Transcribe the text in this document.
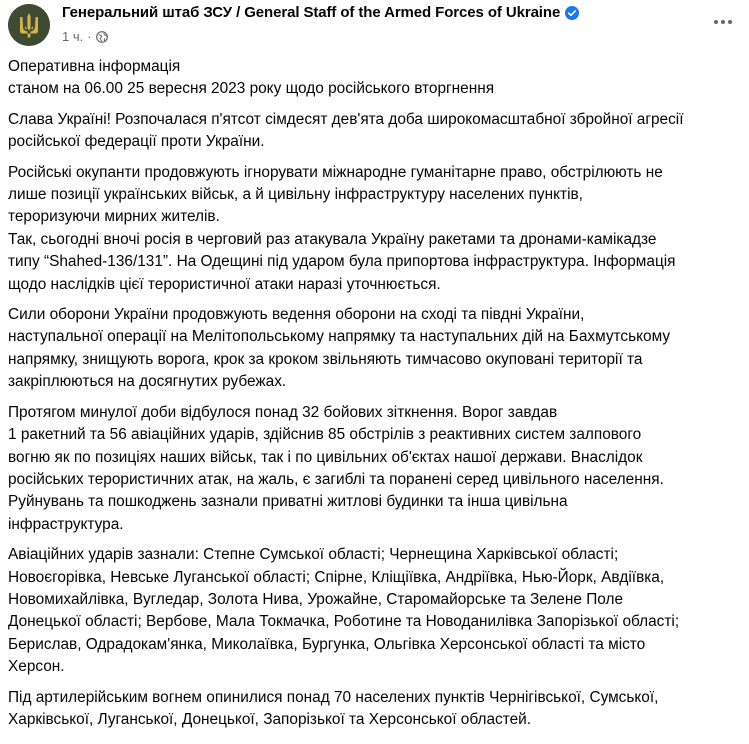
Генеральний штаб ЗСУ / General Staff of the Armed Forces of Ukraine
1 ч. ·
Оперативна інформація
станом на 06.00 25 вересня 2023 року щодо російського вторгнення
Слава Україні! Розпочалася п'ятсот сімдесят дев'ята доба широкомасштабної збройної агресії
російської федерації проти України.
Російські окупанти продовжують ігнорувати міжнародне гуманітарне право, обстрілюють не
лише позиції українських військ, а й цивільну інфраструктуру населених пунктів,
тероризуючи мирних жителів.
Так, сьогодні вночі росія в черговий раз атакувала Україну ракетами та дронами-камікадзе
типу “Shahed-136/131”. На Одещині під ударом була припортова інфраструктура. Інформація
щодо наслідків цієї терористичної атаки наразі уточнюється.
Сили оборони України продовжують ведення оборони на сході та півдні України,
наступальної операції на Мелітопольському напрямку та наступальних дій на Бахмутському
напрямку, знищують ворога, крок за кроком звільняють тимчасово окуповані території та
закріплюються на досягнутих рубежах.
Протягом минулої доби відбулося понад 32 бойових зіткнення. Ворог завдав
1 ракетний та 56 авіаційних ударів, здійснив 85 обстрілів з реактивних систем залпового
вогню як по позиціях наших військ, так і по цивільних об'єктах нашої держави. Внаслідок
російських терористичних атак, на жаль, є загиблі та поранені серед цивільного населення.
Руйнувань та пошкоджень зазнали приватні житлові будинки та інша цивільна
інфраструктура.
Авіаційних ударів зазнали: Степне Сумської області; Чернещина Харківської області;
Новоєгорівка, Невське Луганської області; Спірне, Кліщіївка, Андріївка, Нью-Йорк, Авдіївка,
Новомихайлівка, Вугледар, Золота Нива, Урожайне, Старомайорське та Зелене Поле
Донецької області; Вербове, Мала Токмачка, Роботине та Новоданилівка Запорізької області;
Берислав, Одрадокам'янка, Миколаївка, Бургунка, Ольгівка Херсонської області та місто
Херсон.
Під артилерійським вогнем опинилися понад 70 населених пунктів Чернігівської, Сумської,
Харківської, Луганської, Донецької, Запорізької та Херсонської областей.
